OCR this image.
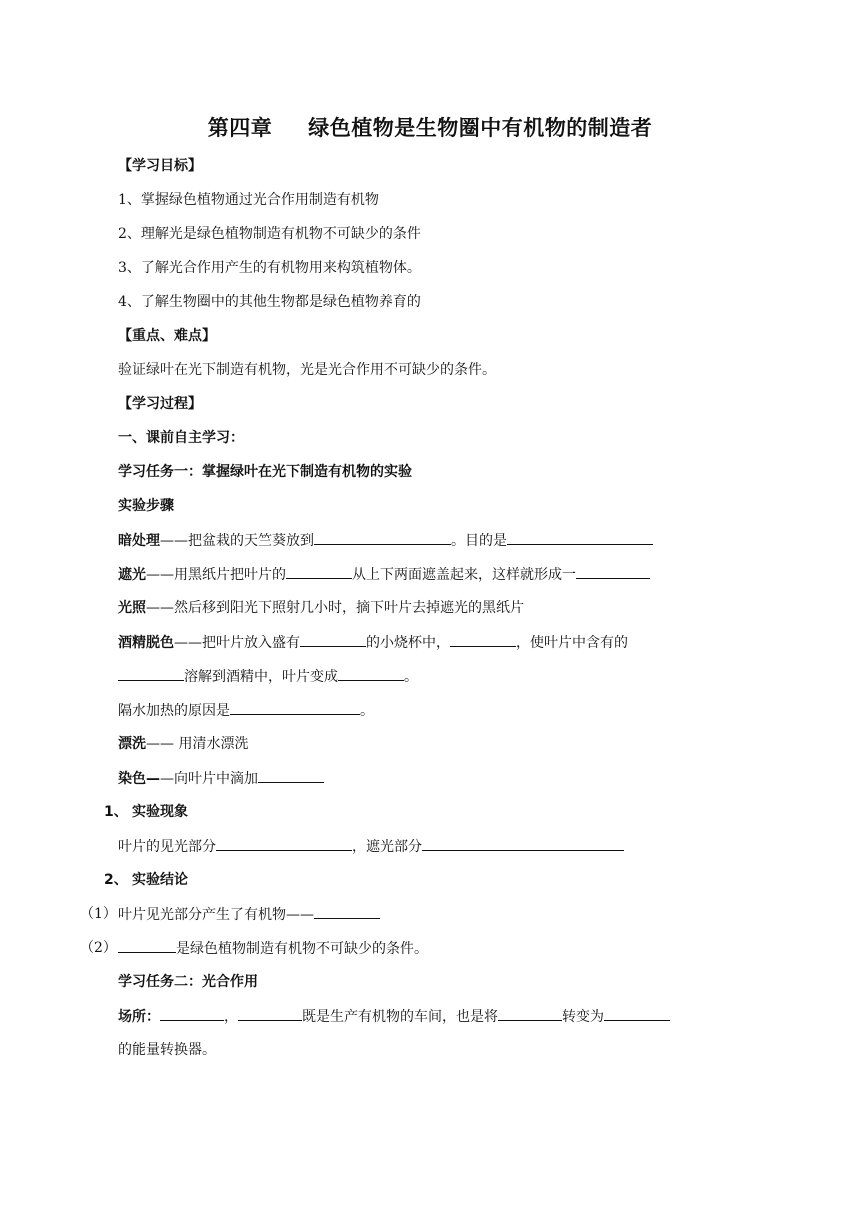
第四章 绿色植物是生物圈中有机物的制造者
【学习目标】
1、掌握绿色植物通过光合作用制造有机物
2、理解光是绿色植物制造有机物不可缺少的条件
3、了解光合作用产生的有机物用来构筑植物体。
4、了解生物圈中的其他生物都是绿色植物养育的
【重点、难点】
验证绿叶在光下制造有机物，光是光合作用不可缺少的条件。
【学习过程】
一、课前自主学习：
学习任务一：掌握绿叶在光下制造有机物的实验
实验步骤
暗处理——把盆栽的天竺葵放到	。目的是
遮光——用黑纸片把叶片的	从上下两面遮盖起来，这样就形成一
光照——然后移到阳光下照射几小时，摘下叶片去掉遮光的黑纸片
酒精脱色——把叶片放入盛有	的小烧杯中，	，使叶片中含有的
溶解到酒精中，叶片变成	。
隔水加热的原因是	。
漂洗—— 用清水漂洗
染色——向叶片中滴加
1、 实验现象
叶片的见光部分	，遮光部分
2、 实验结论
（1） 叶片见光部分产生了有机物——
（2）	是绿色植物制造有机物不可缺少的条件。
学习任务二：光合作用
场所：	，	既是生产有机物的车间，也是将	转变为
的能量转换器。
